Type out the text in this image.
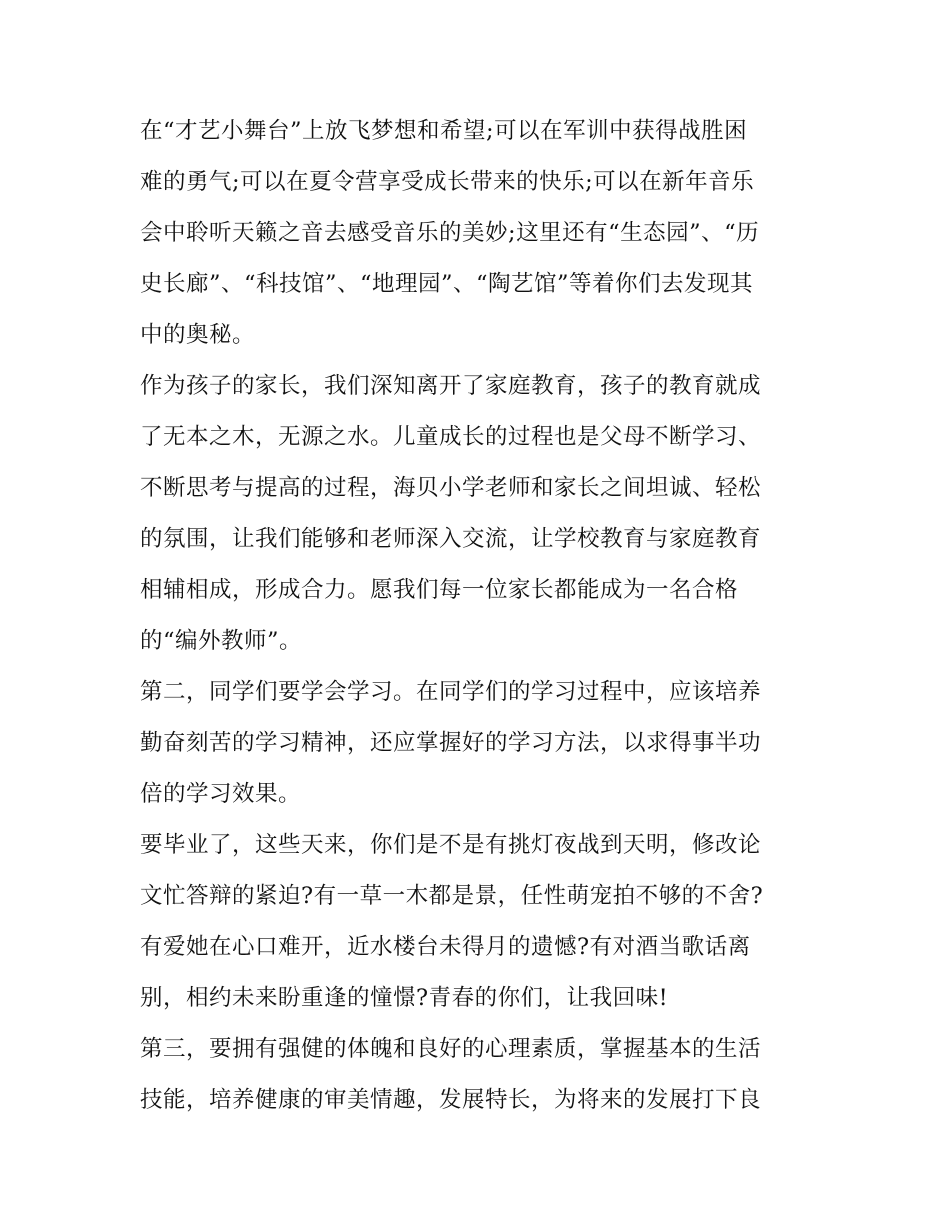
在“才艺小舞台”上放飞梦想和希望;可以在军训中获得战胜困
难的勇气;可以在夏令营享受成长带来的快乐;可以在新年音乐
会中聆听天籁之音去感受音乐的美妙;这里还有“生态园”、“历
史长廊”、“科技馆”、“地理园”、“陶艺馆”等着你们去发现其
中的奥秘。
作为孩子的家长，我们深知离开了家庭教育，孩子的教育就成
了无本之木，无源之水。儿童成长的过程也是父母不断学习、
不断思考与提高的过程，海贝小学老师和家长之间坦诚、轻松
的氛围，让我们能够和老师深入交流，让学校教育与家庭教育
相辅相成，形成合力。愿我们每一位家长都能成为一名合格
的“编外教师”。
第二，同学们要学会学习。在同学们的学习过程中，应该培养
勤奋刻苦的学习精神，还应掌握好的学习方法，以求得事半功
倍的学习效果。
要毕业了，这些天来，你们是不是有挑灯夜战到天明，修改论
文忙答辩的紧迫?有一草一木都是景，任性萌宠拍不够的不舍?
有爱她在心口难开，近水楼台未得月的遗憾?有对酒当歌话离
别，相约未来盼重逢的憧憬?青春的你们，让我回味!
第三，要拥有强健的体魄和良好的心理素质，掌握基本的生活
技能，培养健康的审美情趣，发展特长，为将来的发展打下良
